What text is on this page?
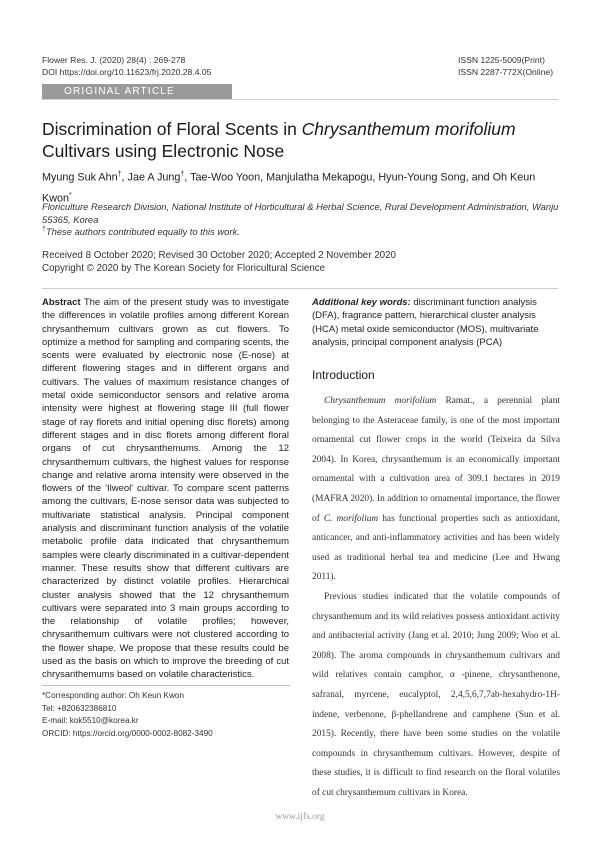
Flower Res. J. (2020) 28(4) : 269-278
DOI https://doi.org/10.11623/frj.2020.28.4.05
ISSN 1225-5009(Print)
ISSN 2287-772X(Online)
ORIGINAL ARTICLE
Discrimination of Floral Scents in Chrysanthemum morifolium Cultivars using Electronic Nose
Myung Suk Ahn†, Jae A Jung†, Tae-Woo Yoon, Manjulatha Mekapogu, Hyun-Young Song, and Oh Keun Kwon*
Floriculture Research Division, National Institute of Horticultural & Herbal Science, Rural Development Administration, Wanju 55365, Korea
†These authors contributed equally to this work.
Received 8 October 2020; Revised 30 October 2020; Accepted 2 November 2020
Copyright © 2020 by The Korean Society for Floricultural Science
Abstract The aim of the present study was to investigate the differences in volatile profiles among different Korean chrysanthemum cultivars grown as cut flowers. To optimize a method for sampling and comparing scents, the scents were evaluated by electronic nose (E-nose) at different flowering stages and in different organs and cultivars. The values of maximum resistance changes of metal oxide semiconductor sensors and relative aroma intensity were highest at flowering stage III (full flower stage of ray florets and initial opening disc florets) among different stages and in disc florets among different floral organs of cut chrysanthemums. Among the 12 chrysanthemum cultivars, the highest values for response change and relative aroma intensity were observed in the flowers of the 'Ilweol' cultivar. To compare scent patterns among the cultivars, E-nose sensor data was subjected to multivariate statistical analysis. Principal component analysis and discriminant function analysis of the volatile metabolic profile data indicated that chrysanthemum samples were clearly discriminated in a cultivar-dependent manner. These results show that different cultivars are characterized by distinct volatile profiles. Hierarchical cluster analysis showed that the 12 chrysanthemum cultivars were separated into 3 main groups according to the relationship of volatile profiles; however, chrysanthemum cultivars were not clustered according to the flower shape. We propose that these results could be used as the basis on which to improve the breeding of cut chrysanthemums based on volatile characteristics.
Additional key words: discriminant function analysis (DFA), fragrance pattern, hierarchical cluster analysis (HCA) metal oxide semiconductor (MOS), multivariate analysis, principal component analysis (PCA)
Introduction

Chrysanthemum morifolium Ramat., a perennial plant belonging to the Asteraceae family, is one of the most important ornamental cut flower crops in the world (Teixeira da Silva 2004). In Korea, chrysanthemum is an economically important ornamental with a cultivation area of 309.1 hectares in 2019 (MAFRA 2020). In addition to ornamental importance, the flower of C. morifolium has functional properties such as antioxidant, anticancer, and anti-inflammatory activities and has been widely used as traditional herbal tea and medicine (Lee and Hwang 2011).

Previous studies indicated that the volatile compounds of chrysanthemum and its wild relatives possess antioxidant activity and antibacterial activity (Jang et al. 2010; Jung 2009; Woo et al. 2008). The aroma compounds in chrysanthemum cultivars and wild relatives contain camphor, α -pinene, chrysanthenone, safranal, myrcene, eucalyptol, 2,4,5,6,7,7ab-hexahydro-1H-indene, verbenone, β-phellandrene and camphene (Sun et al. 2015). Recently, there have been some studies on the volatile compounds in chrysanthemum cultivars. However, despite of these studies, it is difficult to find research on the floral volatiles of cut chrysanthemum cultivars in Korea.

*Corresponding author: Oh Keun Kwon
Tel: +820632386810
E-mail: kok5510@korea.kr
ORCID: https://orcid.org/0000-0002-8082-3490
www.ijfs.org
